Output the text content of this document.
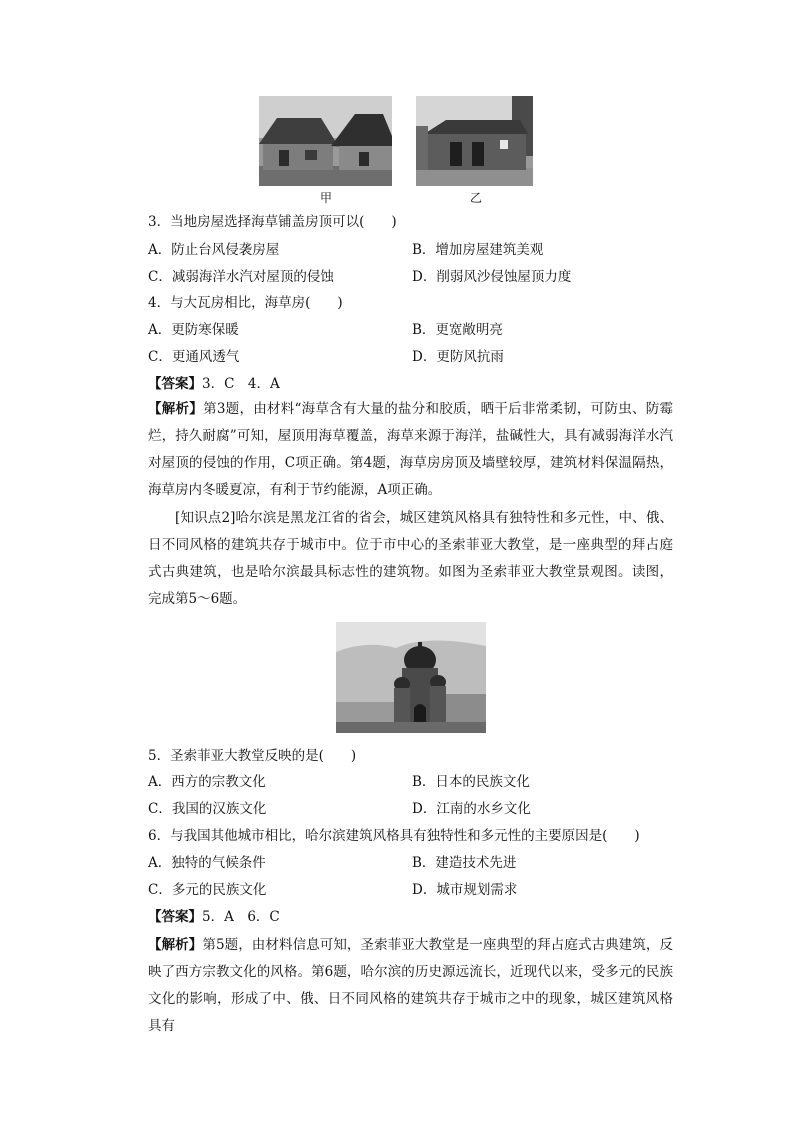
甲	乙
3．当地房屋选择海草铺盖房顶可以(　　)
A．防止台风侵袭房屋	B．增加房屋建筑美观
C．减弱海洋水汽对屋顶的侵蚀	D．削弱风沙侵蚀屋顶力度
4．与大瓦房相比，海草房(　　)
A．更防寒保暖	B．更宽敞明亮
C．更通风透气	D．更防风抗雨
【答案】3．C　4．A
【解析】第3题，由材料“海草含有大量的盐分和胶质，晒干后非常柔韧，可防虫、防霉烂，持久耐腐”可知，屋顶用海草覆盖，海草来源于海洋，盐碱性大，具有减弱海洋水汽对屋顶的侵蚀的作用，C项正确。第4题，海草房房顶及墙壁较厚，建筑材料保温隔热，海草房内冬暖夏凉，有利于节约能源，A项正确。
[知识点2]哈尔滨是黑龙江省的省会，城区建筑风格具有独特性和多元性，中、俄、日不同风格的建筑共存于城市中。位于市中心的圣索菲亚大教堂，是一座典型的拜占庭式古典建筑，也是哈尔滨最具标志性的建筑物。如图为圣索菲亚大教堂景观图。读图，完成第5～6题。
5．圣索菲亚大教堂反映的是(　　)
A．西方的宗教文化	B．日本的民族文化
C．我国的汉族文化	D．江南的水乡文化
6．与我国其他城市相比，哈尔滨建筑风格具有独特性和多元性的主要原因是(　　)
A．独特的气候条件	B．建造技术先进
C．多元的民族文化	D．城市规划需求
【答案】5．A　6．C
【解析】第5题，由材料信息可知，圣索菲亚大教堂是一座典型的拜占庭式古典建筑，反映了西方宗教文化的风格。第6题，哈尔滨的历史源远流长，近现代以来，受多元的民族文化的影响，形成了中、俄、日不同风格的建筑共存于城市之中的现象，城区建筑风格具有
